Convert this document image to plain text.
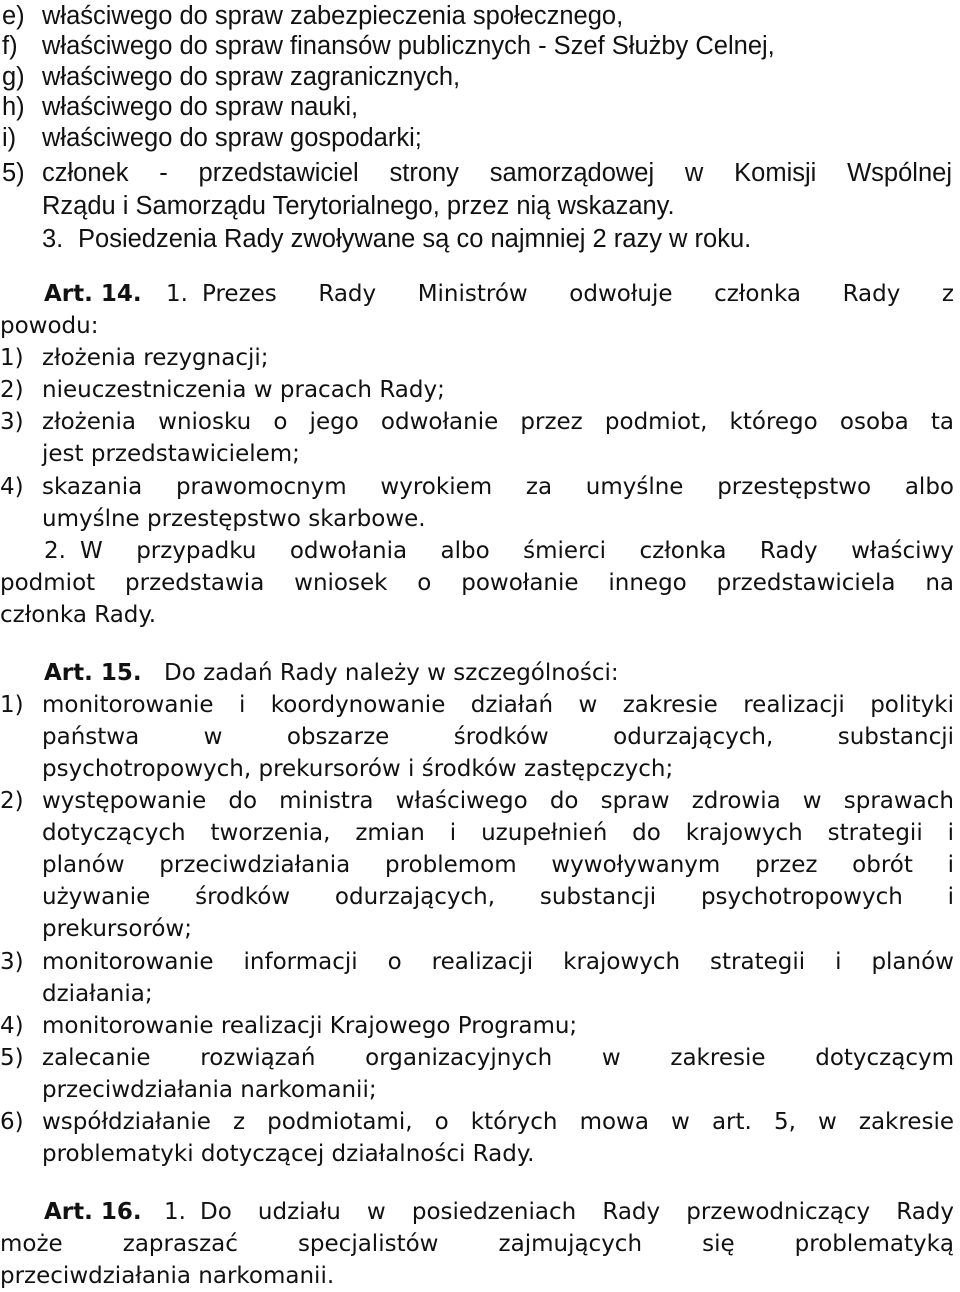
e) właściwego do spraw zabezpieczenia społecznego,
f) właściwego do spraw finansów publicznych - Szef Służby Celnej,
g) właściwego do spraw zagranicznych,
h) właściwego do spraw nauki,
i) właściwego do spraw gospodarki;
5) członek - przedstawiciel strony samorządowej w Komisji Wspólnej
Rządu i Samorządu Terytorialnego, przez nią wskazany.
3. Posiedzenia Rady zwoływane są co najmniej 2 razy w roku.
Art. 14. 1. Prezes Rady Ministrów odwołuje członka Rady z
powodu:
1) złożenia rezygnacji;
2) nieuczestniczenia w pracach Rady;
3) złożenia wniosku o jego odwołanie przez podmiot, którego osoba ta
jest przedstawicielem;
4) skazania prawomocnym wyrokiem za umyślne przestępstwo albo
umyślne przestępstwo skarbowe.
2. W przypadku odwołania albo śmierci członka Rady właściwy
podmiot przedstawia wniosek o powołanie innego przedstawiciela na
członka Rady.
Art. 15. Do zadań Rady należy w szczególności:
1) monitorowanie i koordynowanie działań w zakresie realizacji polityki
państwa w obszarze środków odurzających, substancji
psychotropowych, prekursorów i środków zastępczych;
2) występowanie do ministra właściwego do spraw zdrowia w sprawach
dotyczących tworzenia, zmian i uzupełnień do krajowych strategii i
planów przeciwdziałania problemom wywoływanym przez obrót i
używanie środków odurzających, substancji psychotropowych i
prekursorów;
3) monitorowanie informacji o realizacji krajowych strategii i planów
działania;
4) monitorowanie realizacji Krajowego Programu;
5) zalecanie rozwiązań organizacyjnych w zakresie dotyczącym
przeciwdziałania narkomanii;
6) współdziałanie z podmiotami, o których mowa w art. 5, w zakresie
problematyki dotyczącej działalności Rady.
Art. 16. 1. Do udziału w posiedzeniach Rady przewodniczący Rady
może zapraszać specjalistów zajmujących się problematyką
przeciwdziałania narkomanii.
